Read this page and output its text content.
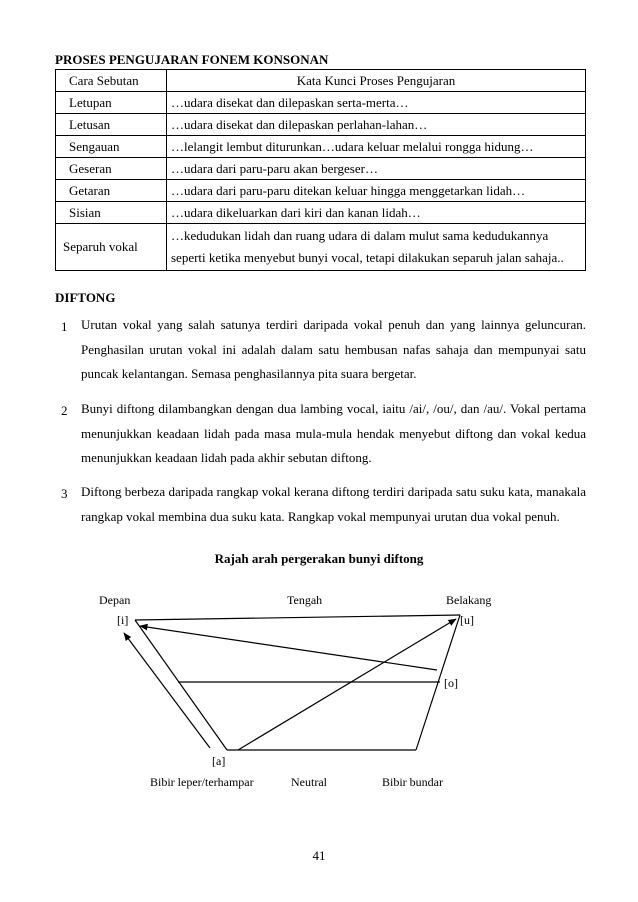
PROSES PENGUJARAN FONEM KONSONAN
Cara Sebutan	Kata Kunci Proses Pengujaran
Letupan	…udara disekat dan dilepaskan serta-merta…
Letusan	…udara disekat dan dilepaskan perlahan-lahan…
Sengauan	…lelangit lembut diturunkan…udara keluar melalui rongga hidung…
Geseran	…udara dari paru-paru akan bergeser…
Getaran	…udara dari paru-paru ditekan keluar hingga menggetarkan lidah…
Sisian	…udara dikeluarkan dari kiri dan kanan lidah…
Separuh vokal	…kedudukan lidah dan ruang udara di dalam mulut sama kedudukannya
seperti ketika menyebut bunyi vocal, tetapi dilakukan separuh jalan sahaja..
DIFTONG
1 Urutan vokal yang salah satunya terdiri daripada vokal penuh dan yang lainnya geluncuran. Penghasilan urutan vokal ini adalah dalam satu hembusan nafas sahaja dan mempunyai satu puncak kelantangan. Semasa penghasilannya pita suara bergetar.
2 Bunyi diftong dilambangkan dengan dua lambing vocal, iaitu /ai/, /ou/, dan /au/. Vokal pertama menunjukkan keadaan lidah pada masa mula-mula hendak menyebut diftong dan vokal kedua menunjukkan keadaan lidah pada akhir sebutan diftong.
3 Diftong berbeza daripada rangkap vokal kerana diftong terdiri daripada satu suku kata, manakala rangkap vokal membina dua suku kata. Rangkap vokal mempunyai urutan dua vokal penuh.
Rajah arah pergerakan bunyi diftong
Depan	Tengah	Belakang
[i]	[u]
[o]
[a]
Bibir leper/terhampar	Neutral	Bibir bundar
41
